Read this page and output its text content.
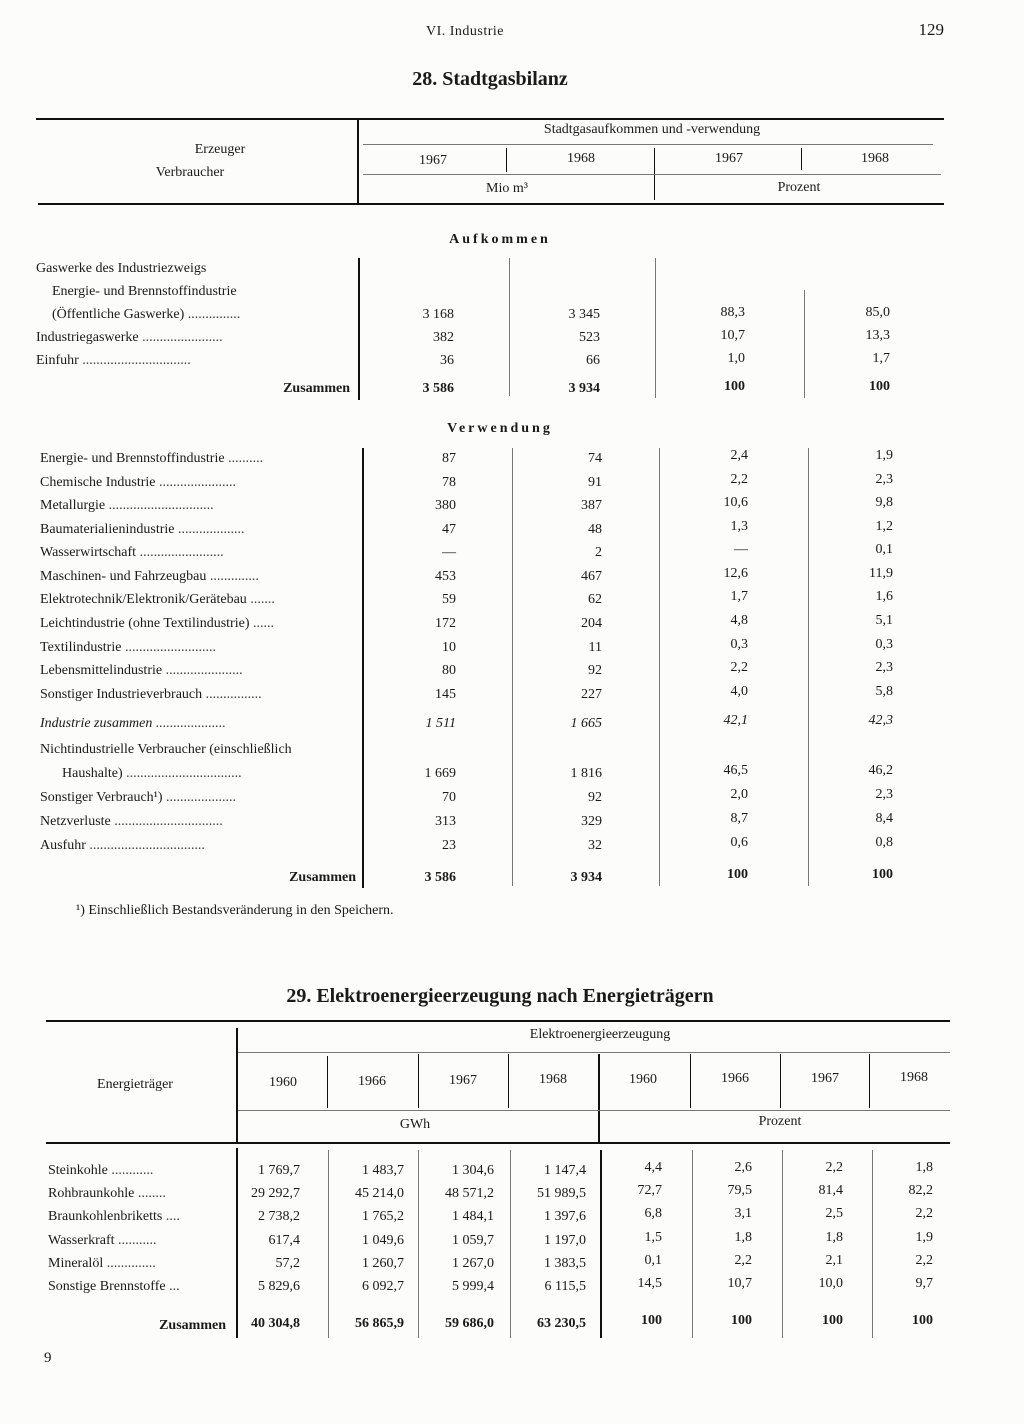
VI. Industrie	129
28. Stadtgasbilanz
Erzeuger
Verbraucher
Stadtgasaufkommen und -verwendung
1967	1968	1967	1968
Mio m³	Prozent
Aufkommen
Gaswerke des Industriezweigs
Energie- und Brennstoffindustrie
(Öffentliche Gaswerke) ...............	3 168	3 345	88,3	85,0
Industriegaswerke .......................	382	523	10,7	13,3
Einfuhr ...............................	36	66	1,0	1,7
Zusammen	3 586	3 934	100	100
Verwendung
Energie- und Brennstoffindustrie ..........	87	74	2,4	1,9
Chemische Industrie ......................	78	91	2,2	2,3
Metallurgie ..............................	380	387	10,6	9,8
Baumaterialienindustrie ...................	47	48	1,3	1,2
Wasserwirtschaft ........................	—	2	—	0,1
Maschinen- und Fahrzeugbau ..............	453	467	12,6	11,9
Elektrotechnik/Elektronik/Gerätebau .......	59	62	1,7	1,6
Leichtindustrie (ohne Textilindustrie) ......	172	204	4,8	5,1
Textilindustrie ..........................	10	11	0,3	0,3
Lebensmittelindustrie ......................	80	92	2,2	2,3
Sonstiger Industrieverbrauch ................	145	227	4,0	5,8
Industrie zusammen ....................	1 511	1 665	42,1	42,3
Nichtindustrielle Verbraucher (einschließlich
Haushalte) .................................	1 669	1 816	46,5	46,2
Sonstiger Verbrauch¹) ....................	70	92	2,0	2,3
Netzverluste ...............................	313	329	8,7	8,4
Ausfuhr .................................	23	32	0,6	0,8
Zusammen	3 586	3 934	100	100
¹) Einschließlich Bestandsveränderung in den Speichern.
29. Elektroenergieerzeugung nach Energieträgern
Energieträger
Elektroenergieerzeugung
1960	1966	1967	1968	1960	1966	1967	1968
GWh	Prozent
Steinkohle ............	1 769,7	1 483,7	1 304,6	1 147,4	4,4	2,6	2,2	1,8
Rohbraunkohle ........	29 292,7	45 214,0	48 571,2	51 989,5	72,7	79,5	81,4	82,2
Braunkohlenbriketts ....	2 738,2	1 765,2	1 484,1	1 397,6	6,8	3,1	2,5	2,2
Wasserkraft ...........	617,4	1 049,6	1 059,7	1 197,0	1,5	1,8	1,8	1,9
Mineralöl ..............	57,2	1 260,7	1 267,0	1 383,5	0,1	2,2	2,1	2,2
Sonstige Brennstoffe ...	5 829,6	6 092,7	5 999,4	6 115,5	14,5	10,7	10,0	9,7
Zusammen	40 304,8	56 865,9	59 686,0	63 230,5	100	100	100	100
9
